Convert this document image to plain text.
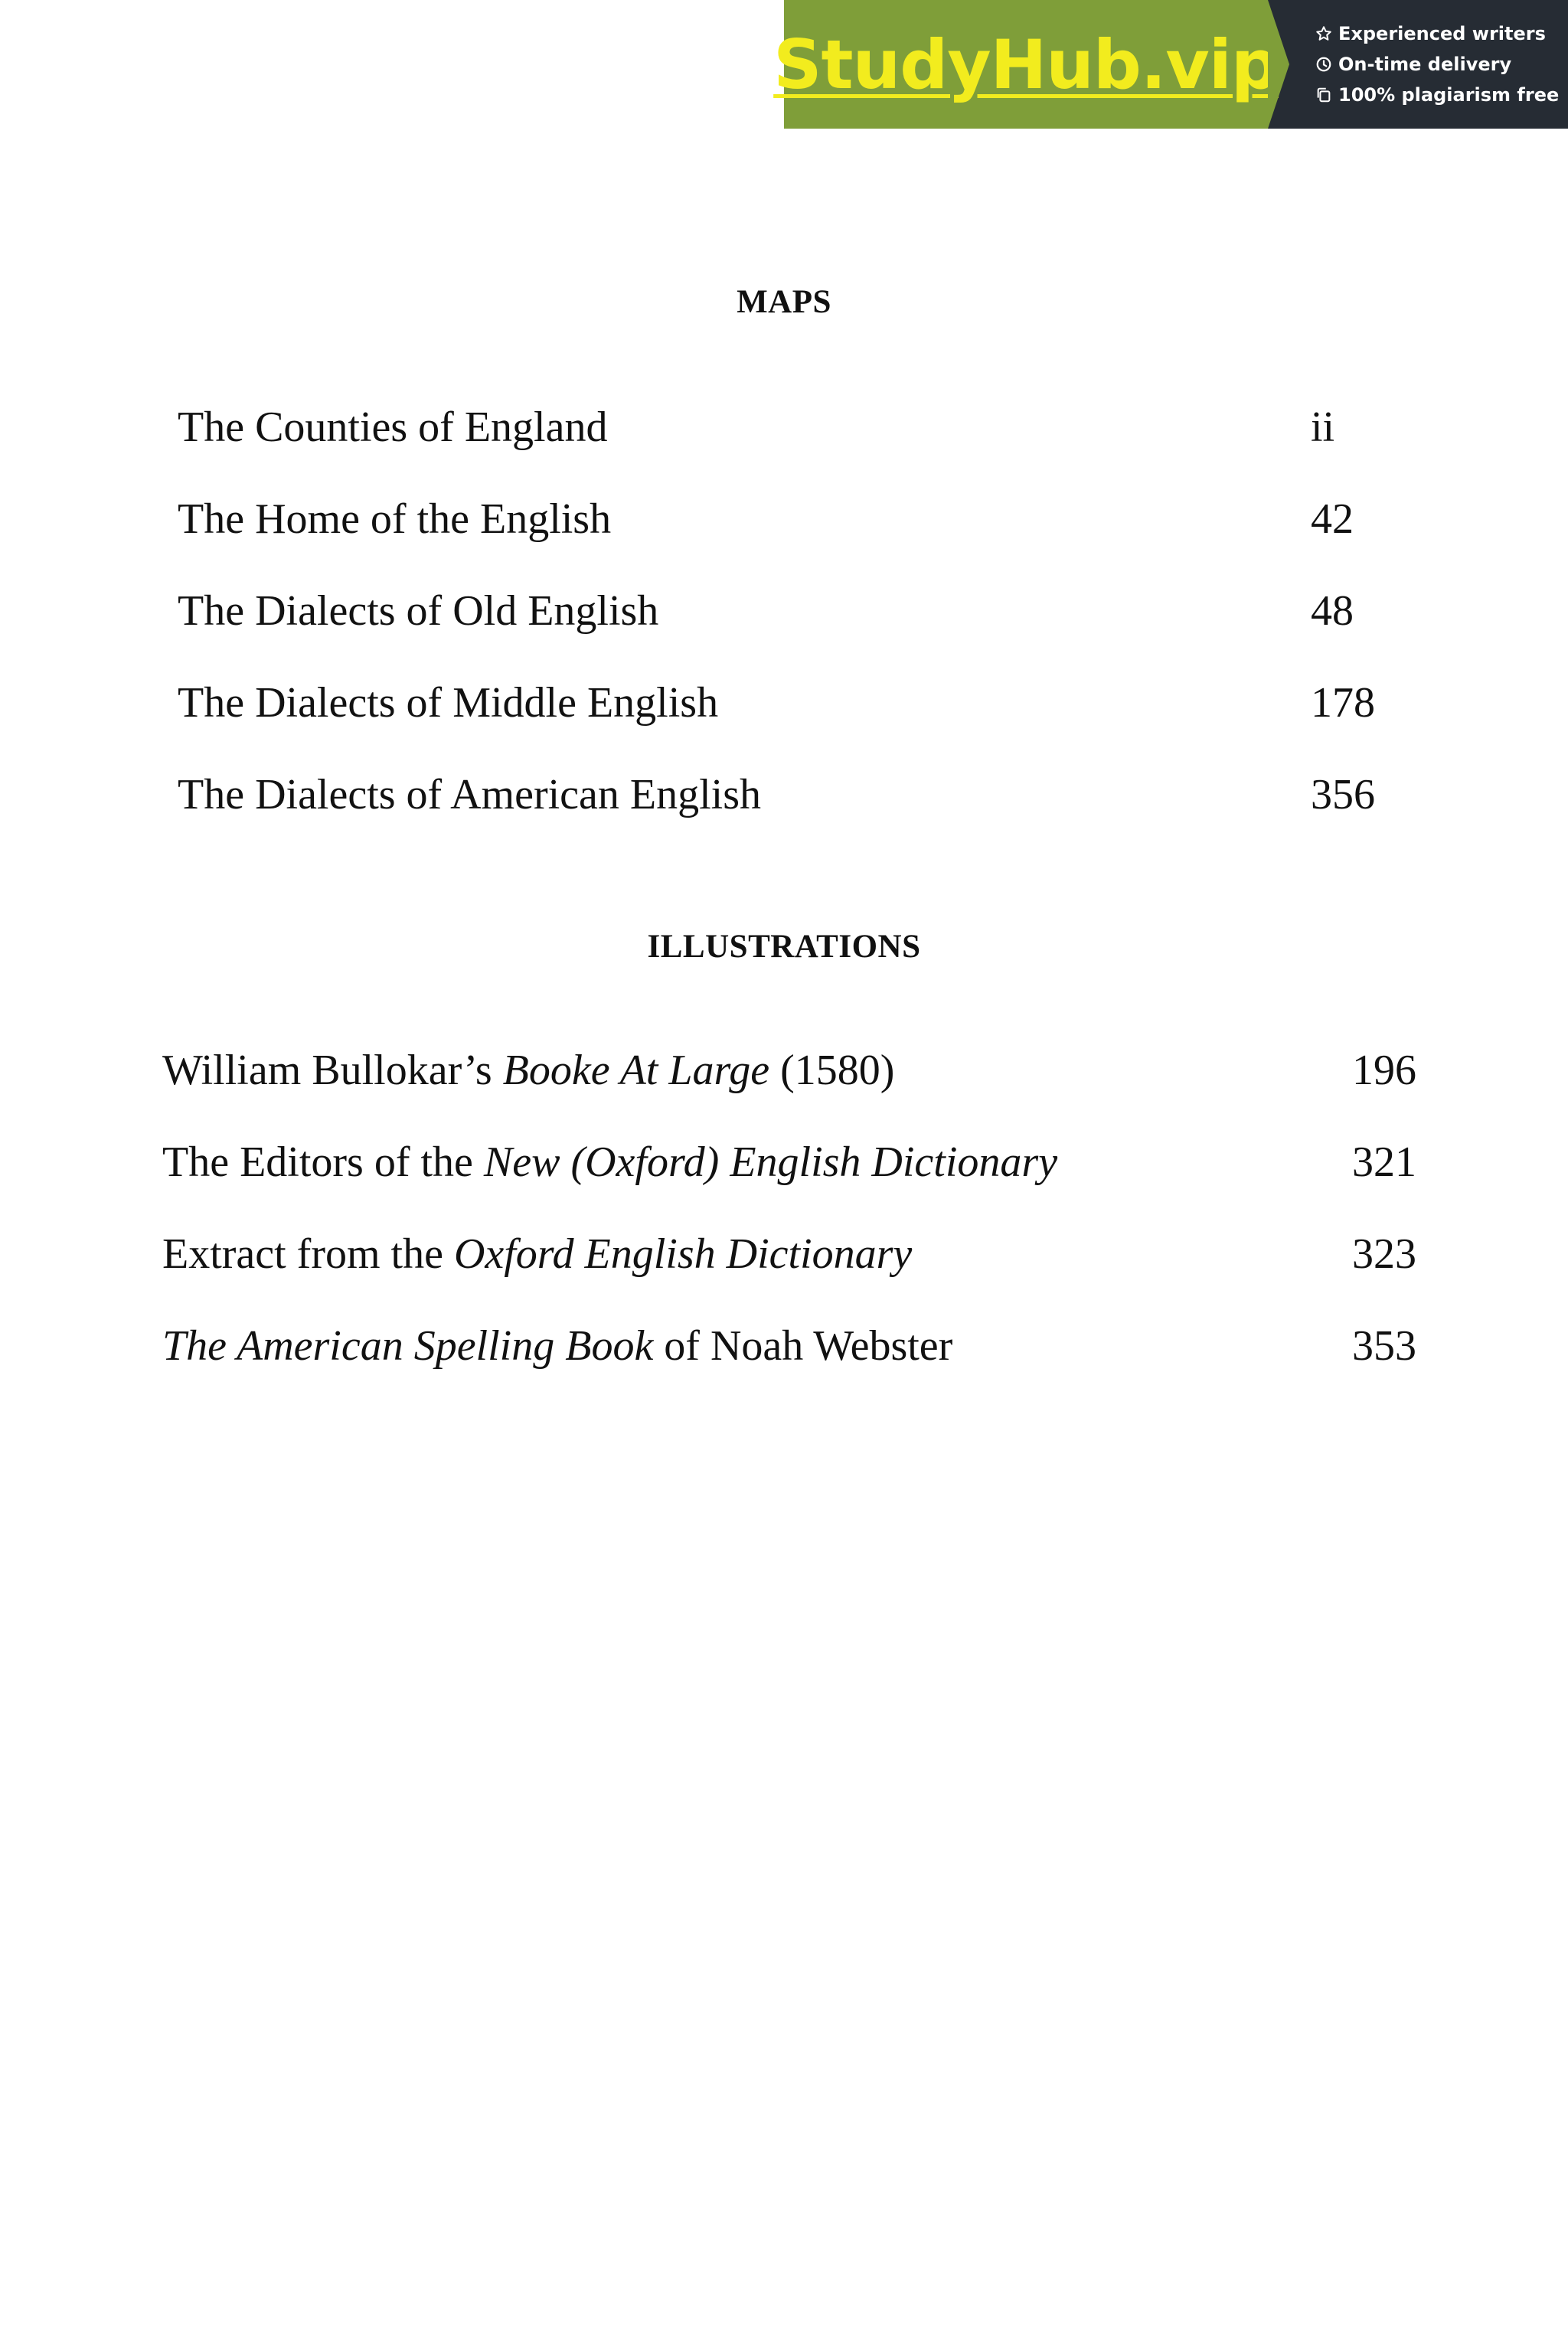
StudyHub.vip	Experienced writers
On-time delivery
100% plagiarism free
MAPS
The Counties of England	ii
The Home of the English	42
The Dialects of Old English	48
The Dialects of Middle English	178
The Dialects of American English	356
ILLUSTRATIONS
William Bullokar’s Booke At Large (1580)	196
The Editors of the New (Oxford) English Dictionary	321
Extract from the Oxford English Dictionary	323
The American Spelling Book of Noah Webster	353
